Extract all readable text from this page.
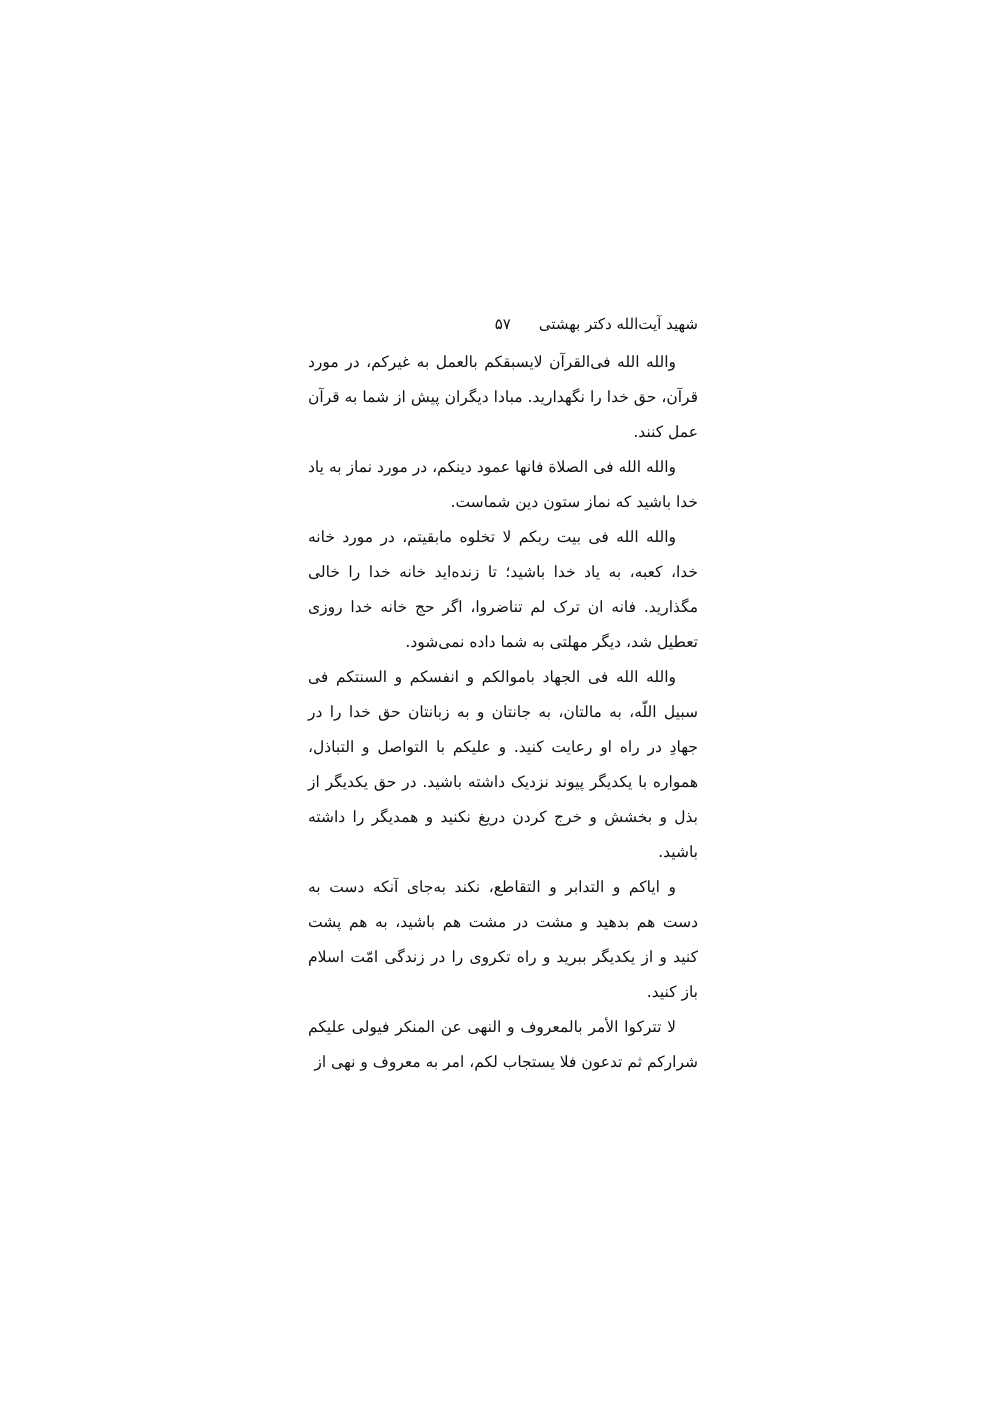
شهید آیت‌الله دکتر بهشتی
۵۷

والله الله فی‌القرآن لایسبقکم بالعمل به غیرکم، در مورد قرآن، حق خدا را نگهدارید. مبادا دیگران پیش از شما به قرآن عمل کنند.

والله الله فی الصلاة فانها عمود دینکم، در مورد نماز به یاد خدا باشید که نماز ستون دین شماست.

والله الله فی بیت ربکم لا تخلوه مابقیتم، در مورد خانه خدا، کعبه، به یاد خدا باشید؛ تا زنده‌اید خانه خدا را خالی مگذارید. فانه ان ترک لم تناضروا، اگر حج خانه خدا روزی تعطیل شد، دیگر مهلتی به شما داده نمی‌شود.

والله الله فی الجهاد باموالکم و انفسکم و السنتکم فی سبیل اللّه، به مالتان، به جانتان و به زبانتان حق خدا را در جهادِ در راه او رعایت کنید. و علیکم با التواصل و التباذل، همواره با یکدیگر پیوند نزدیک داشته باشید. در حق یکدیگر از بذل و بخشش و خرج کردن دریغ نکنید و همدیگر را داشته باشید.

و ایاکم و التدابر و التقاطع، نکند به‌جای آنکه دست به دست هم بدهید و مشت در مشت هم باشید، به هم پشت کنید و از یکدیگر ببرید و راه تکروی را در زندگی امّت اسلام باز کنید.

لا تترکوا الأمر بالمعروف و النهی عن المنکر فیولی علیکم شرارکم ثم تدعون فلا یستجاب لکم، امر به معروف و نهی از
